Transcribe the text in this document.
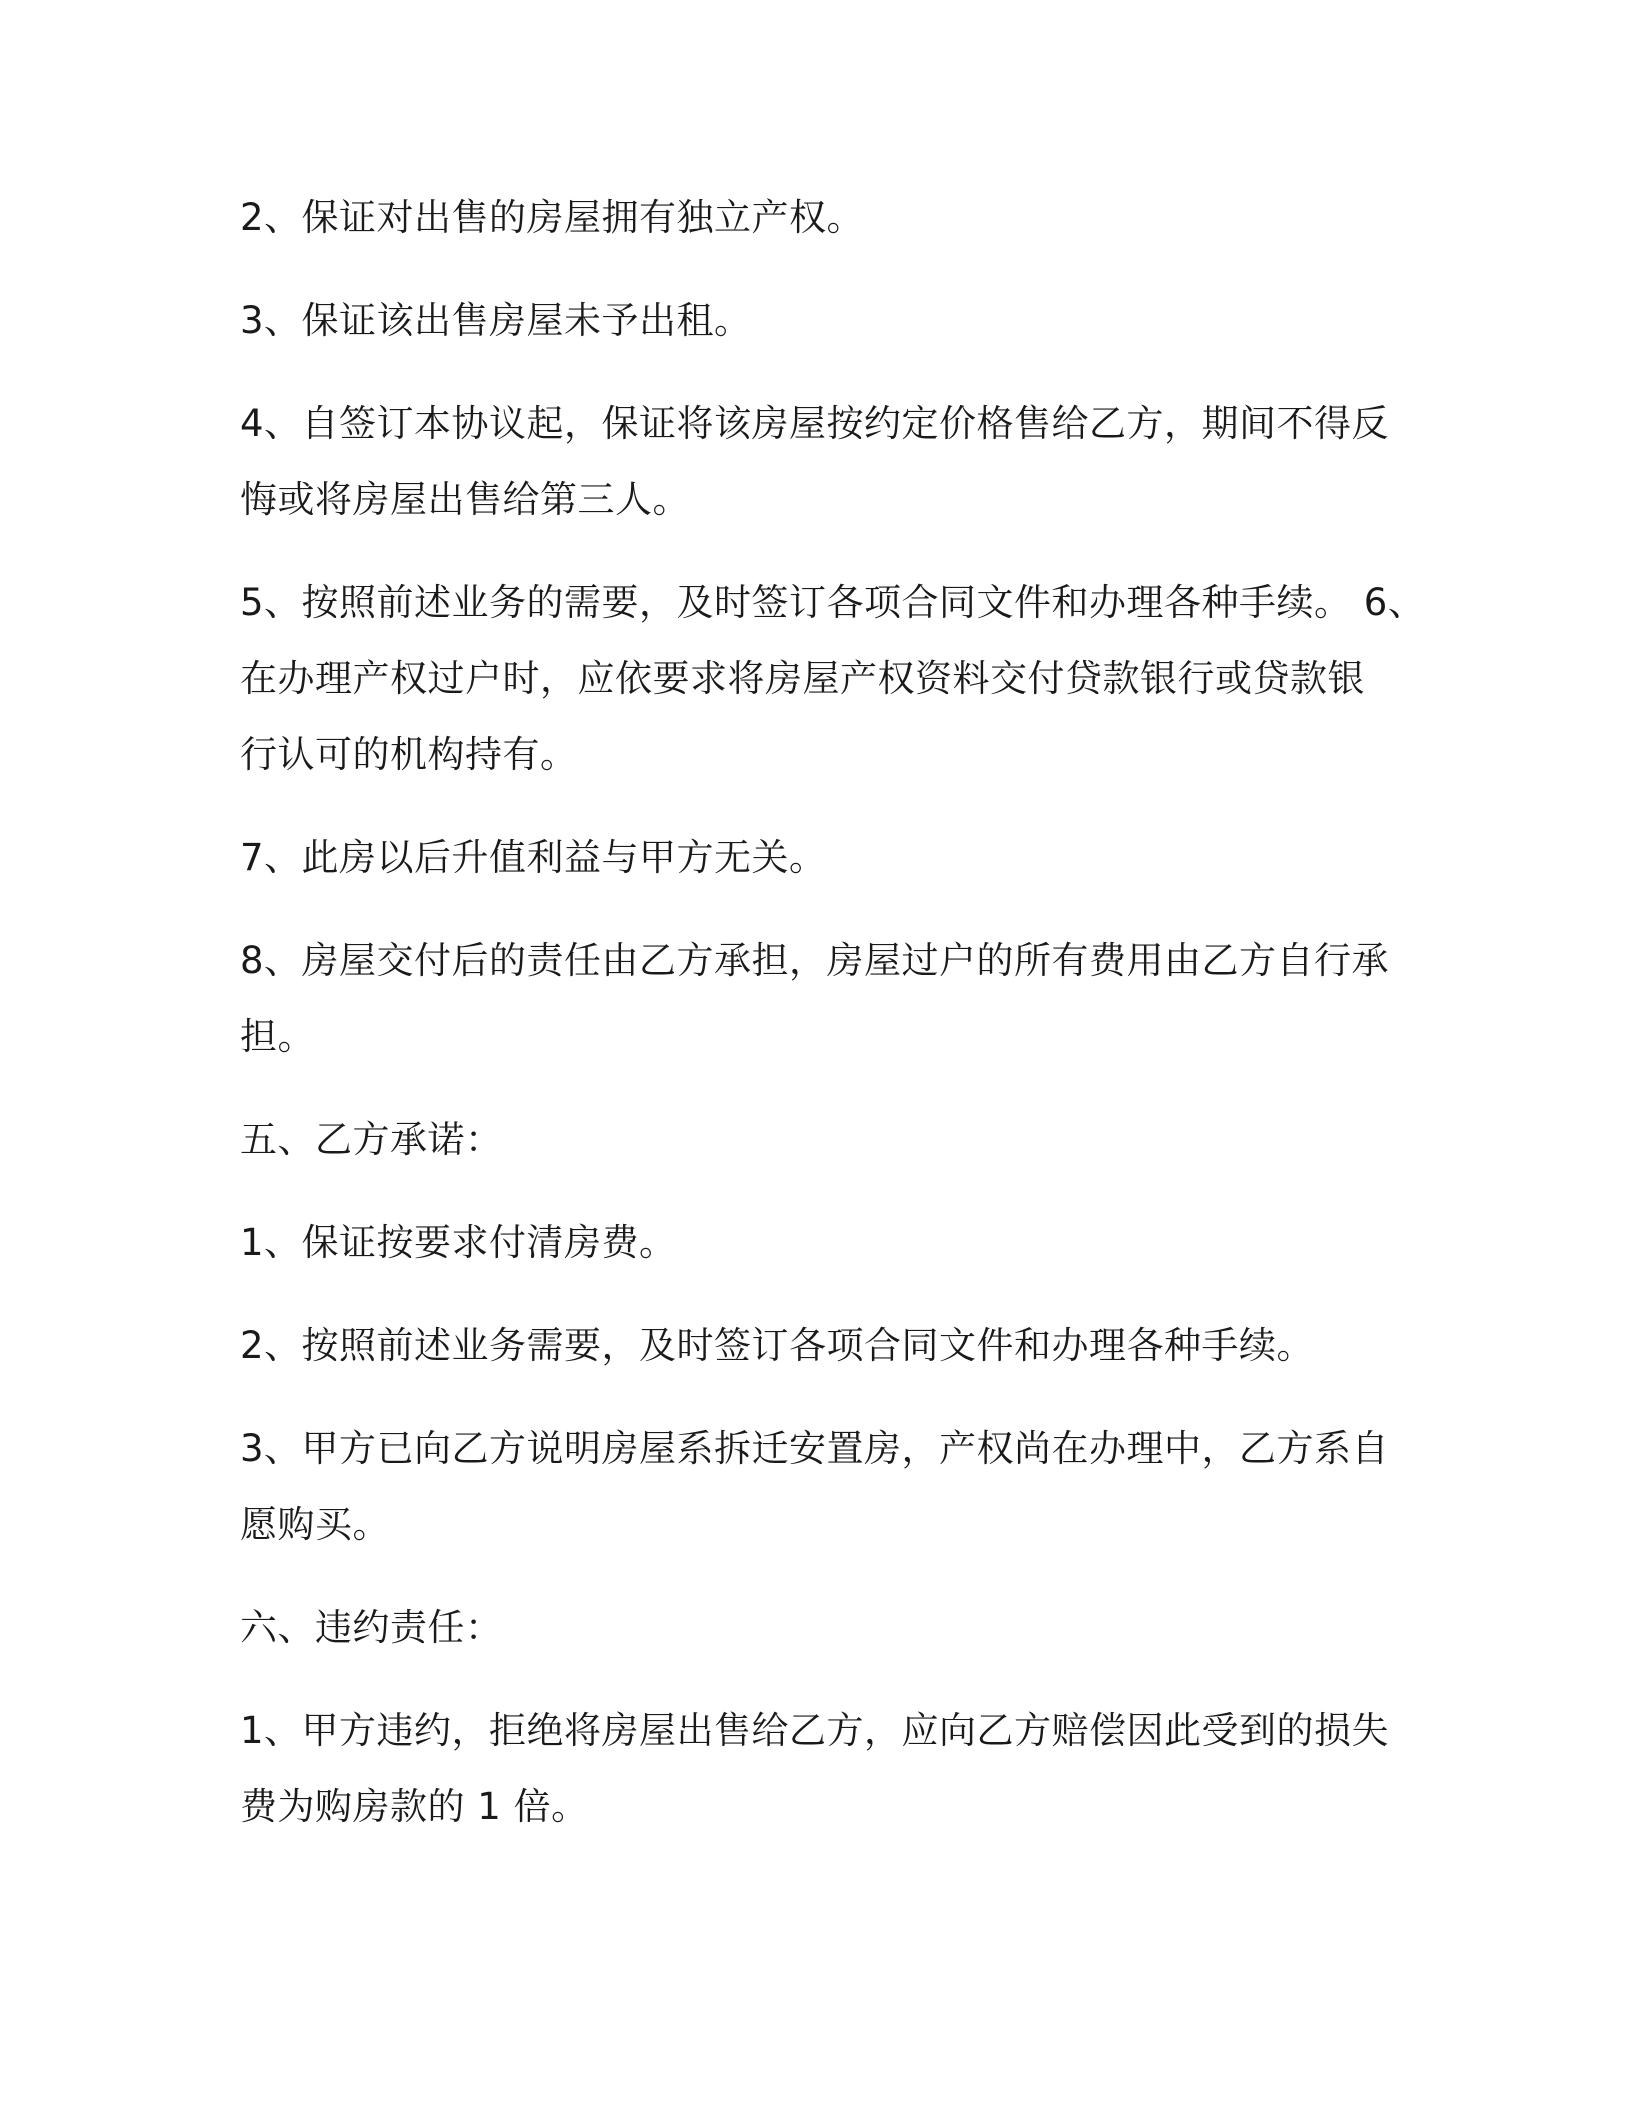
2、保证对出售的房屋拥有独立产权。
3、保证该出售房屋未予出租。
4、自签订本协议起，保证将该房屋按约定价格售给乙方，期间不得反
悔或将房屋出售给第三人。
5、按照前述业务的需要，及时签订各项合同文件和办理各种手续。 6、
在办理产权过户时，应依要求将房屋产权资料交付贷款银行或贷款银
行认可的机构持有。
7、此房以后升值利益与甲方无关。
8、房屋交付后的责任由乙方承担，房屋过户的所有费用由乙方自行承
担。
五、乙方承诺：
1、保证按要求付清房费。
2、按照前述业务需要，及时签订各项合同文件和办理各种手续。
3、甲方已向乙方说明房屋系拆迁安置房，产权尚在办理中，乙方系自
愿购买。
六、违约责任：
1、甲方违约，拒绝将房屋出售给乙方，应向乙方赔偿因此受到的损失
费为购房款的 1 倍。
